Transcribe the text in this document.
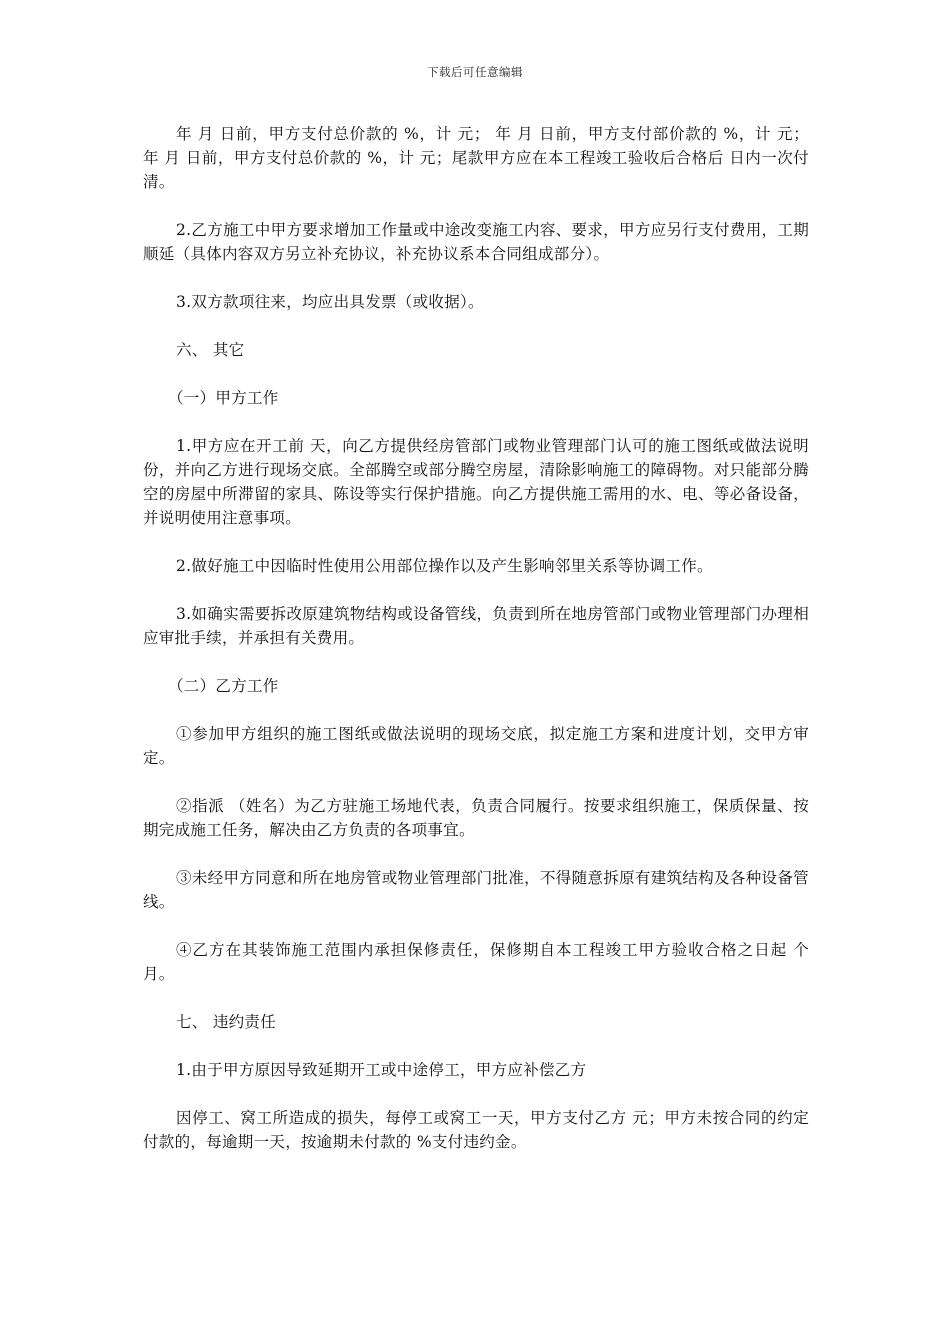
下载后可任意编辑

年 月 日前，甲方支付总价款的 %，计 元； 年 月 日前，甲方支付部价款的 %，计 元； 年 月 日前，甲方支付总价款的 %，计 元；尾款甲方应在本工程竣工验收后合格后 日内一次付清。

2.乙方施工中甲方要求增加工作量或中途改变施工内容、要求，甲方应另行支付费用，工期顺延（具体内容双方另立补充协议，补充协议系本合同组成部分）。

3.双方款项往来，均应出具发票（或收据）。

六、 其它

（一）甲方工作

1.甲方应在开工前 天，向乙方提供经房管部门或物业管理部门认可的施工图纸或做法说明 份，并向乙方进行现场交底。全部腾空或部分腾空房屋，清除影响施工的障碍物。对只能部分腾空的房屋中所滞留的家具、陈设等实行保护措施。向乙方提供施工需用的水、电、等必备设备，并说明使用注意事项。

2.做好施工中因临时性使用公用部位操作以及产生影响邻里关系等协调工作。

3.如确实需要拆改原建筑物结构或设备管线，负责到所在地房管部门或物业管理部门办理相应审批手续，并承担有关费用。

（二）乙方工作

①参加甲方组织的施工图纸或做法说明的现场交底，拟定施工方案和进度计划，交甲方审定。

②指派 （姓名）为乙方驻施工场地代表，负责合同履行。按要求组织施工，保质保量、按期完成施工任务，解决由乙方负责的各项事宜。

③未经甲方同意和所在地房管或物业管理部门批准，不得随意拆原有建筑结构及各种设备管线。

④乙方在其装饰施工范围内承担保修责任，保修期自本工程竣工甲方验收合格之日起 个月。

七、 违约责任

1.由于甲方原因导致延期开工或中途停工，甲方应补偿乙方

因停工、窝工所造成的损失，每停工或窝工一天，甲方支付乙方 元；甲方未按合同的约定付款的，每逾期一天，按逾期未付款的 %支付违约金。
